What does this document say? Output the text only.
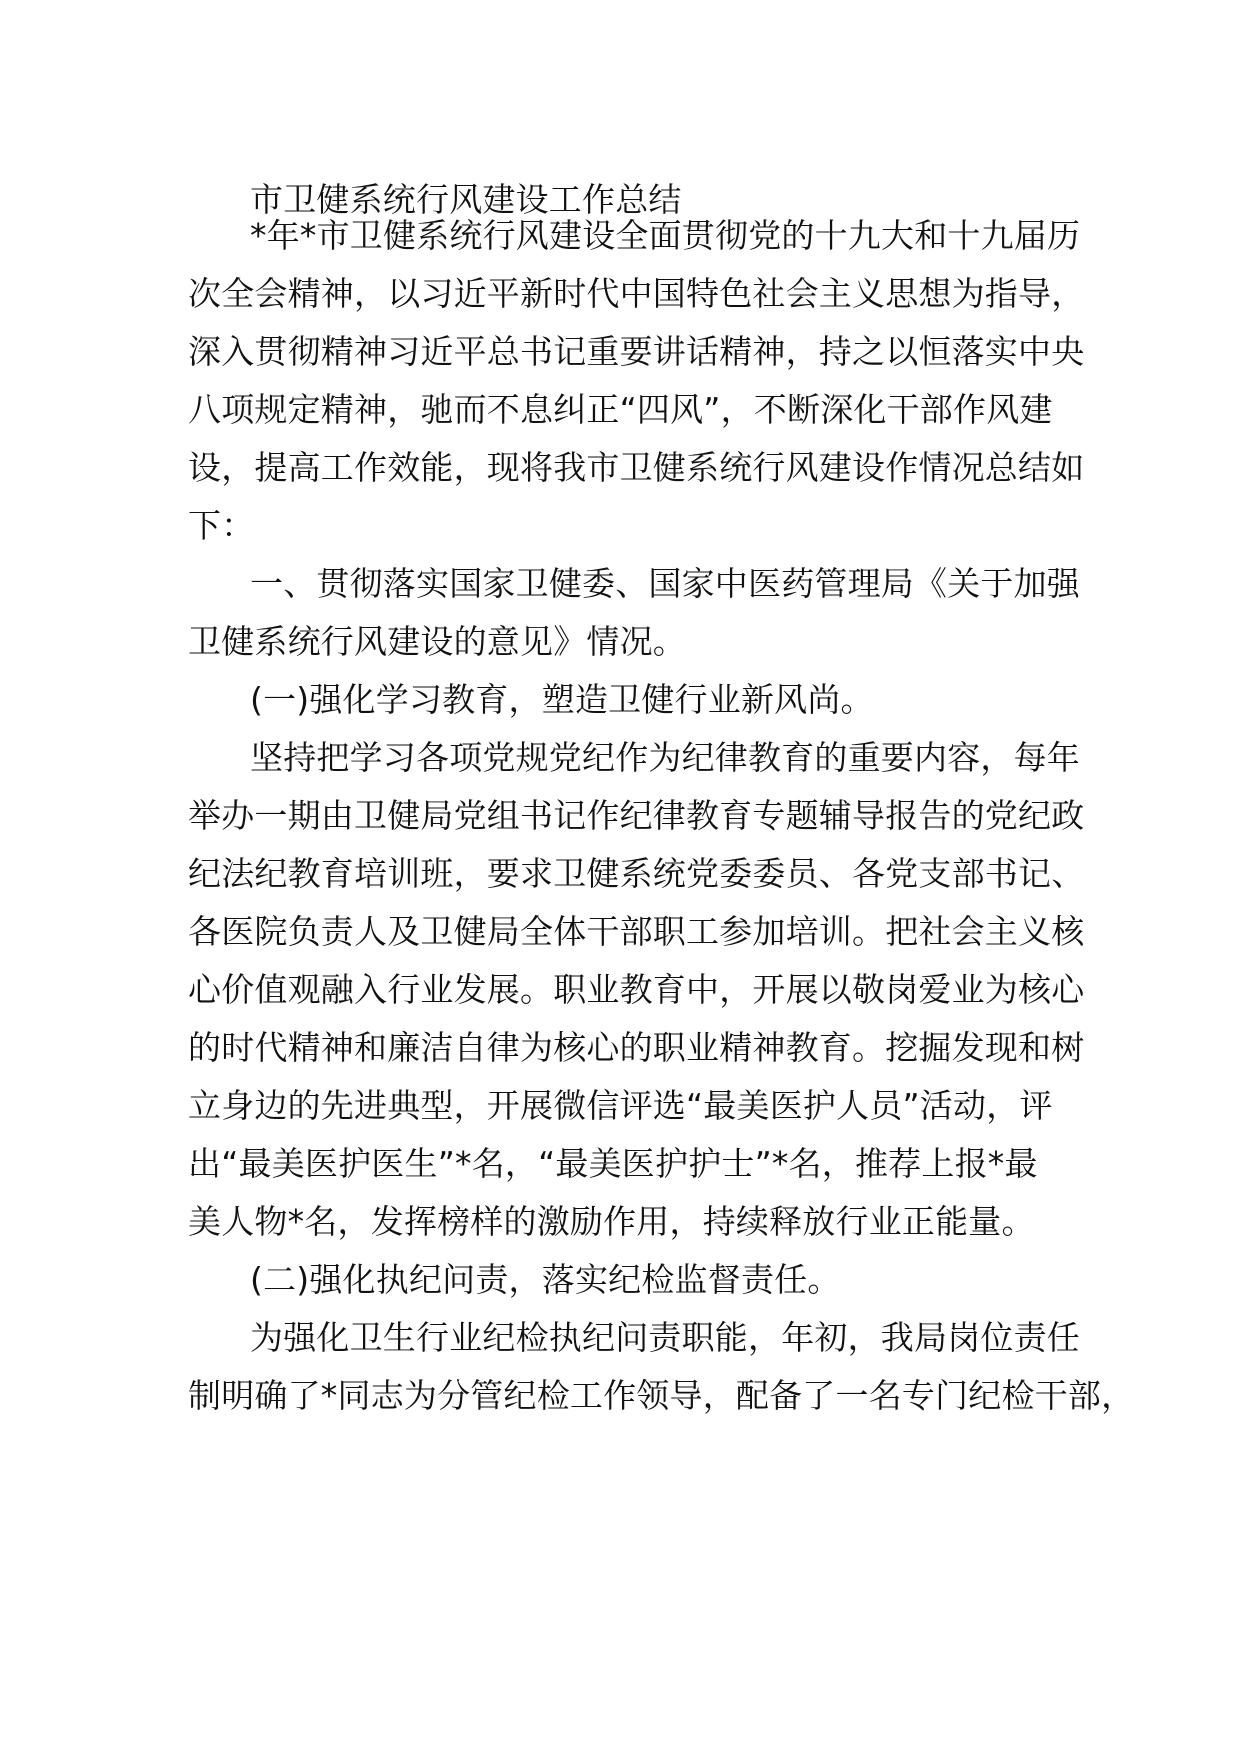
市卫健系统行风建设工作总结
*年*市卫健系统行风建设全面贯彻党的十九大和十九届历
次全会精神，以习近平新时代中国特色社会主义思想为指导，
深入贯彻精神习近平总书记重要讲话精神，持之以恒落实中央
八项规定精神，驰而不息纠正“四风”，不断深化干部作风建
设，提高工作效能，现将我市卫健系统行风建设作情况总结如
下：
一、贯彻落实国家卫健委、国家中医药管理局《关于加强
卫健系统行风建设的意见》情况。
(一)强化学习教育，塑造卫健行业新风尚。
坚持把学习各项党规党纪作为纪律教育的重要内容，每年
举办一期由卫健局党组书记作纪律教育专题辅导报告的党纪政
纪法纪教育培训班，要求卫健系统党委委员、各党支部书记、
各医院负责人及卫健局全体干部职工参加培训。把社会主义核
心价值观融入行业发展。职业教育中，开展以敬岗爱业为核心
的时代精神和廉洁自律为核心的职业精神教育。挖掘发现和树
立身边的先进典型，开展微信评选“最美医护人员”活动，评
出“最美医护医生”*名，“最美医护护士”*名，推荐上报*最
美人物*名，发挥榜样的激励作用，持续释放行业正能量。
(二)强化执纪问责，落实纪检监督责任。
为强化卫生行业纪检执纪问责职能，年初，我局岗位责任
制明确了*同志为分管纪检工作领导，配备了一名专门纪检干部，
